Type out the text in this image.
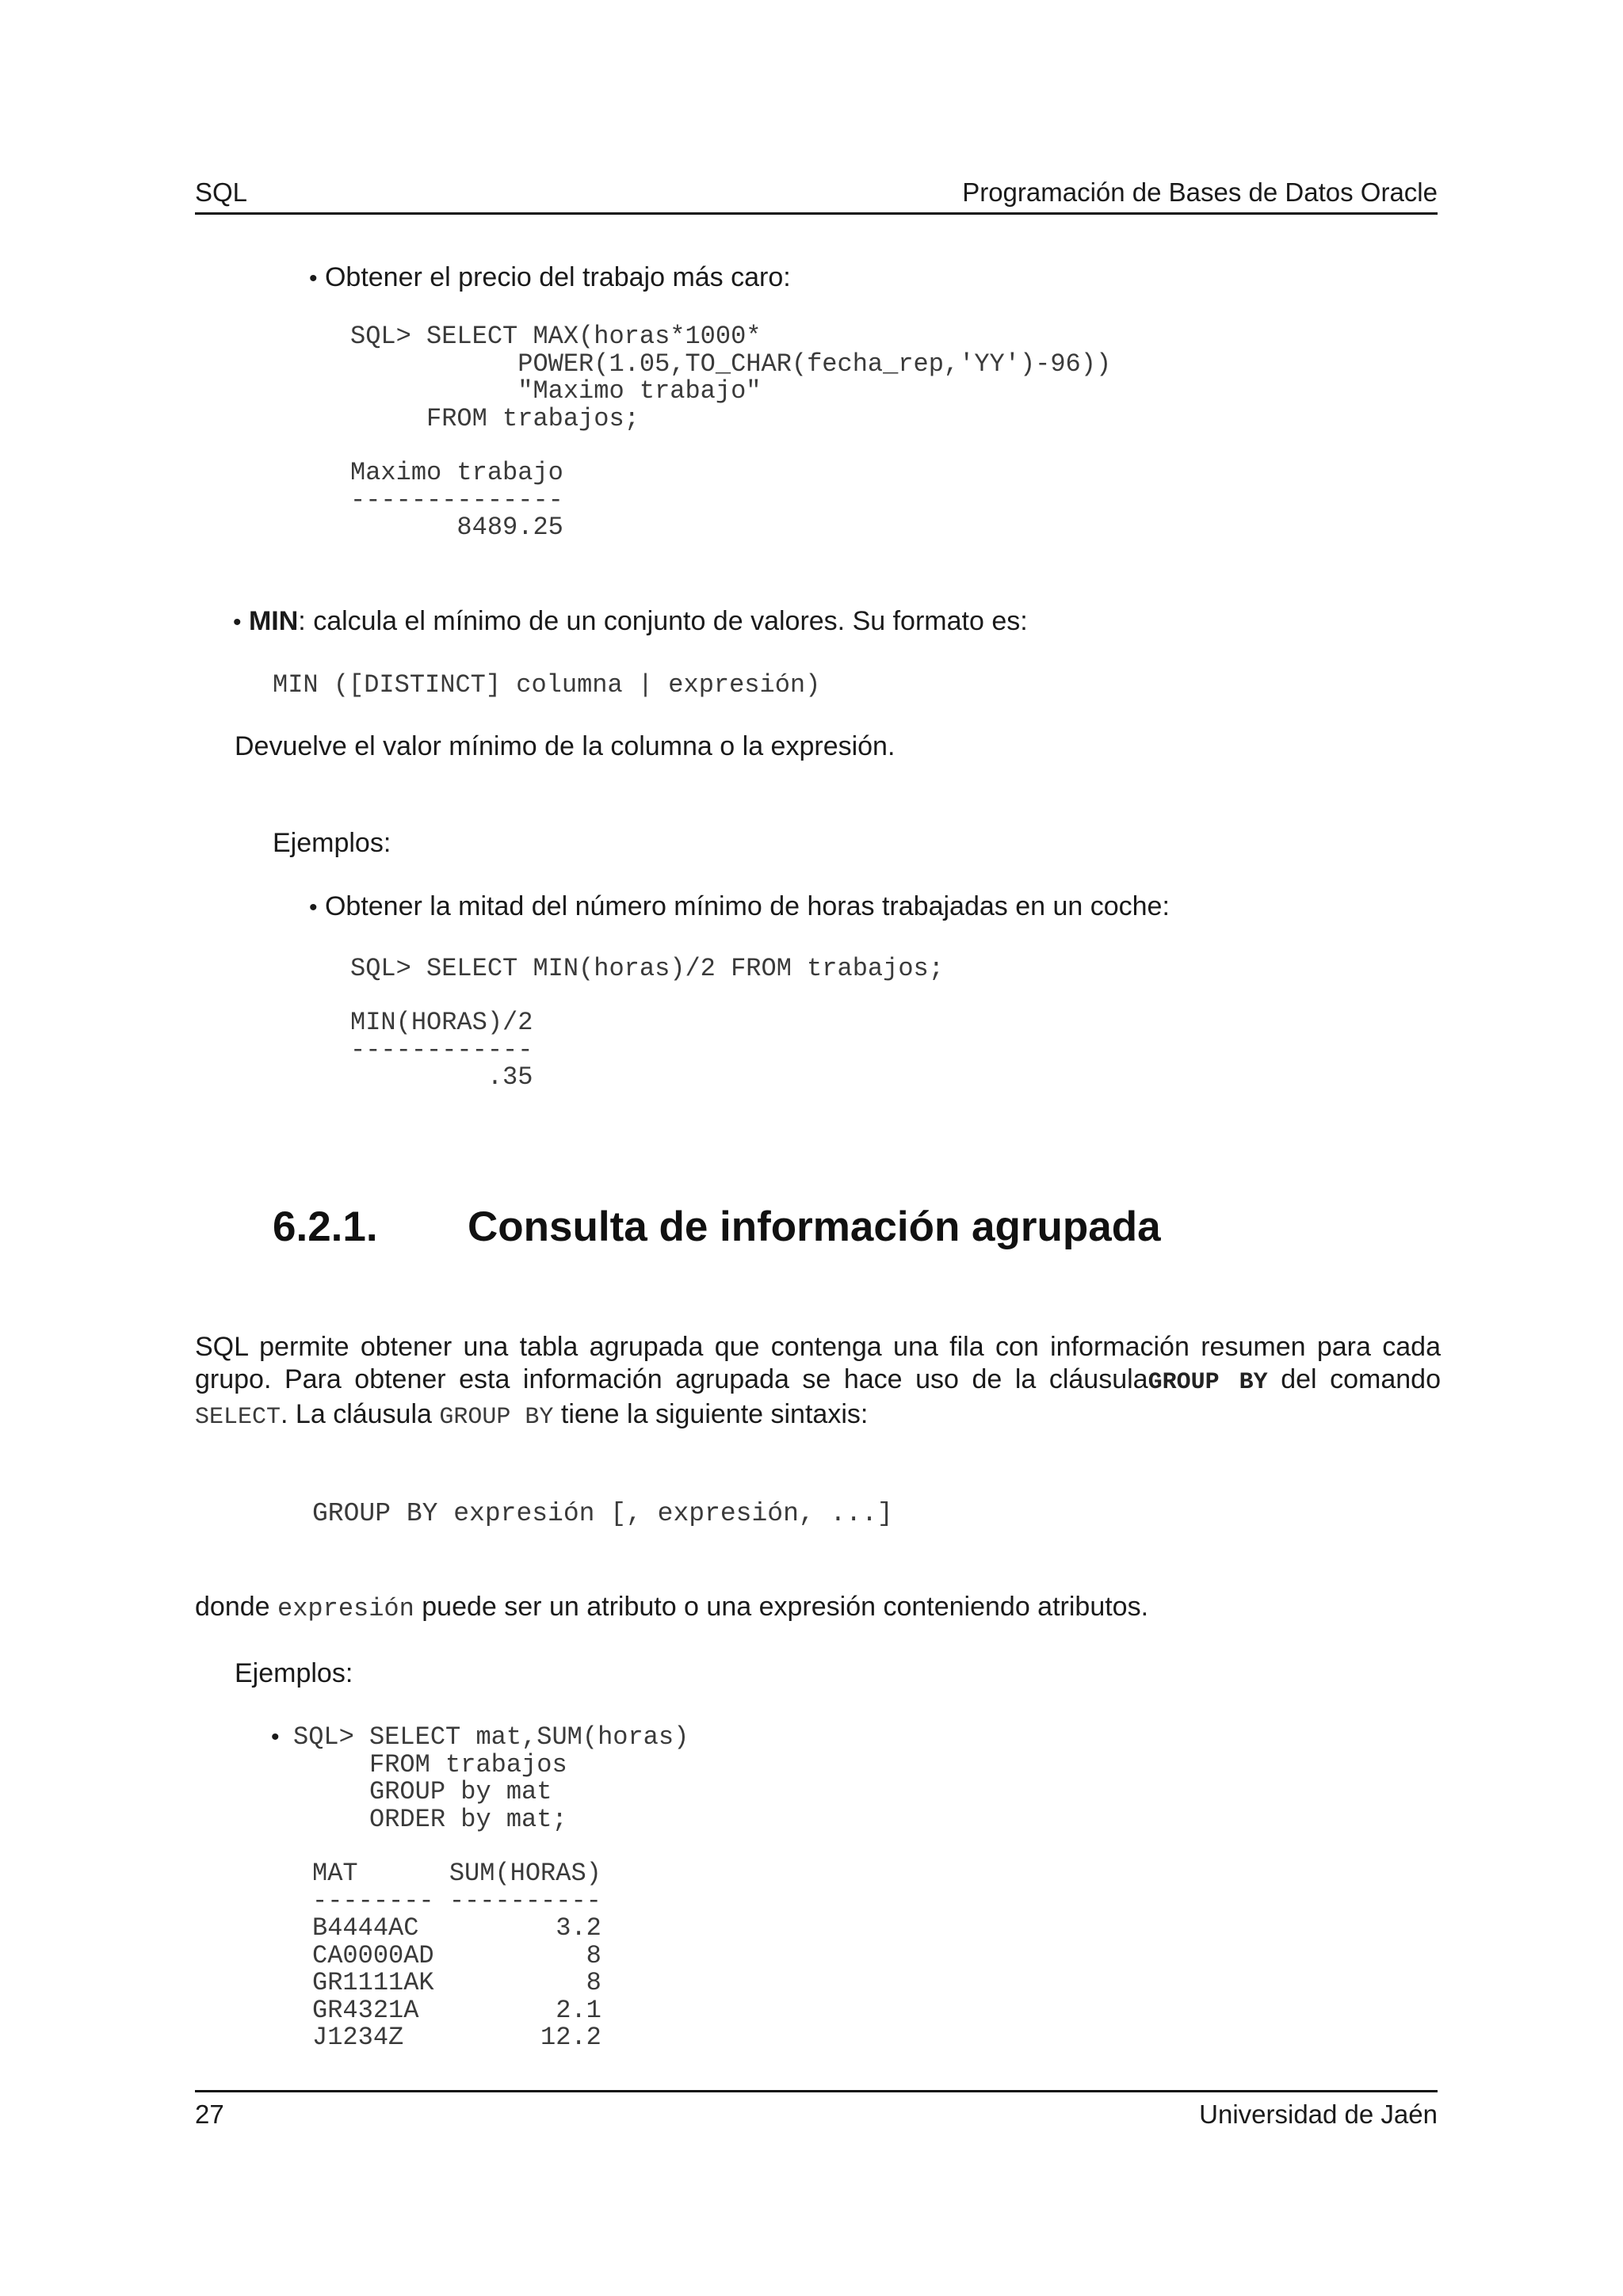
SQL	Programación de Bases de Datos Oracle
• Obtener el precio del trabajo más caro:
SQL> SELECT MAX(horas*1000*
POWER(1.05,TO_CHAR(fecha_rep,'YY')-96))
"Maximo trabajo"
FROM trabajos;
Maximo trabajo
--------------
8489.25
• MIN: calcula el mínimo de un conjunto de valores. Su formato es:
MIN ([DISTINCT] columna | expresión)
Devuelve el valor mínimo de la columna o la expresión.
Ejemplos:
• Obtener la mitad del número mínimo de horas trabajadas en un coche:
SQL> SELECT MIN(horas)/2 FROM trabajos;
MIN(HORAS)/2
------------
.35
6.2.1. Consulta de información agrupada
SQL permite obtener una tabla agrupada que contenga una fila con información resumen para cada grupo. Para obtener esta información agrupada se hace uso de la cláusulaGROUP BY del comando SELECT. La cláusula GROUP BY tiene la siguiente sintaxis:
GROUP BY expresión [, expresión, ...]
donde expresión puede ser un atributo o una expresión conteniendo atributos.
Ejemplos:
• SQL> SELECT mat,SUM(horas)
FROM trabajos
GROUP by mat
ORDER by mat;
MAT      SUM(HORAS)
-------- ----------
B4444AC         3.2
CA0000AD          8
GR1111AK          8
GR4321A         2.1
J1234Z         12.2
27	Universidad de Jaén
